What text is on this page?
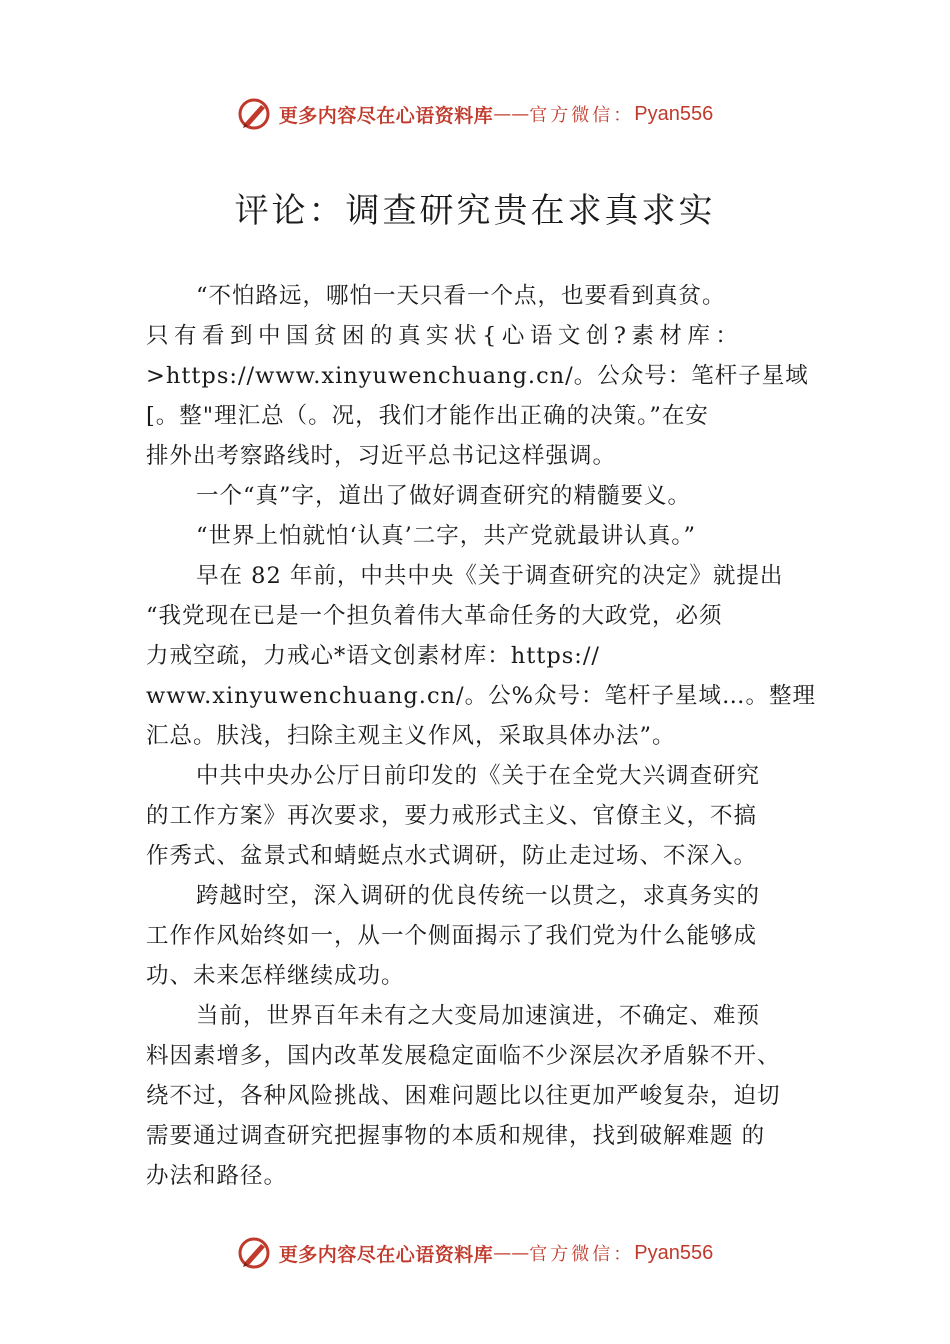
更多内容尽在心语资料库 —— 官方微信： Pyan556
评论：调查研究贵在求真求实
“不怕路远，哪怕一天只看一个点，也要看到真贫。
只有看到中国贫困的真实状{心语文创?素材库：
>https://www.xinyuwenchuang.cn/。公众号：笔杆子星域
[。整"理汇总（。况，我们才能作出正确的决策。”在安
排外出考察路线时，习近平总书记这样强调。
一个“真”字，道出了做好调查研究的精髓要义。
“世界上怕就怕‘认真’二字，共产党就最讲认真。”
早在 82 年前，中共中央《关于调查研究的决定》就提出
“我党现在已是一个担负着伟大革命任务的大政党，必须
力戒空疏，力戒心*语文创素材库：https://
www.xinyuwenchuang.cn/。公%众号：笔杆子星域…。整理
汇总。肤浅，扫除主观主义作风，采取具体办法”。
中共中央办公厅日前印发的《关于在全党大兴调查研究
的工作方案》再次要求，要力戒形式主义、官僚主义，不搞
作秀式、盆景式和蜻蜓点水式调研，防止走过场、不深入。
跨越时空，深入调研的优良传统一以贯之，求真务实的
工作作风始终如一，从一个侧面揭示了我们党为什么能够成
功、未来怎样继续成功。
当前，世界百年未有之大变局加速演进，不确定、难预
料因素增多，国内改革发展稳定面临不少深层次矛盾躲不开、
绕不过，各种风险挑战、困难问题比以往更加严峻复杂，迫切
需要通过调查研究把握事物的本质和规律，找到破解难题 的
办法和路径。
更多内容尽在心语资料库 —— 官方微信： Pyan556
